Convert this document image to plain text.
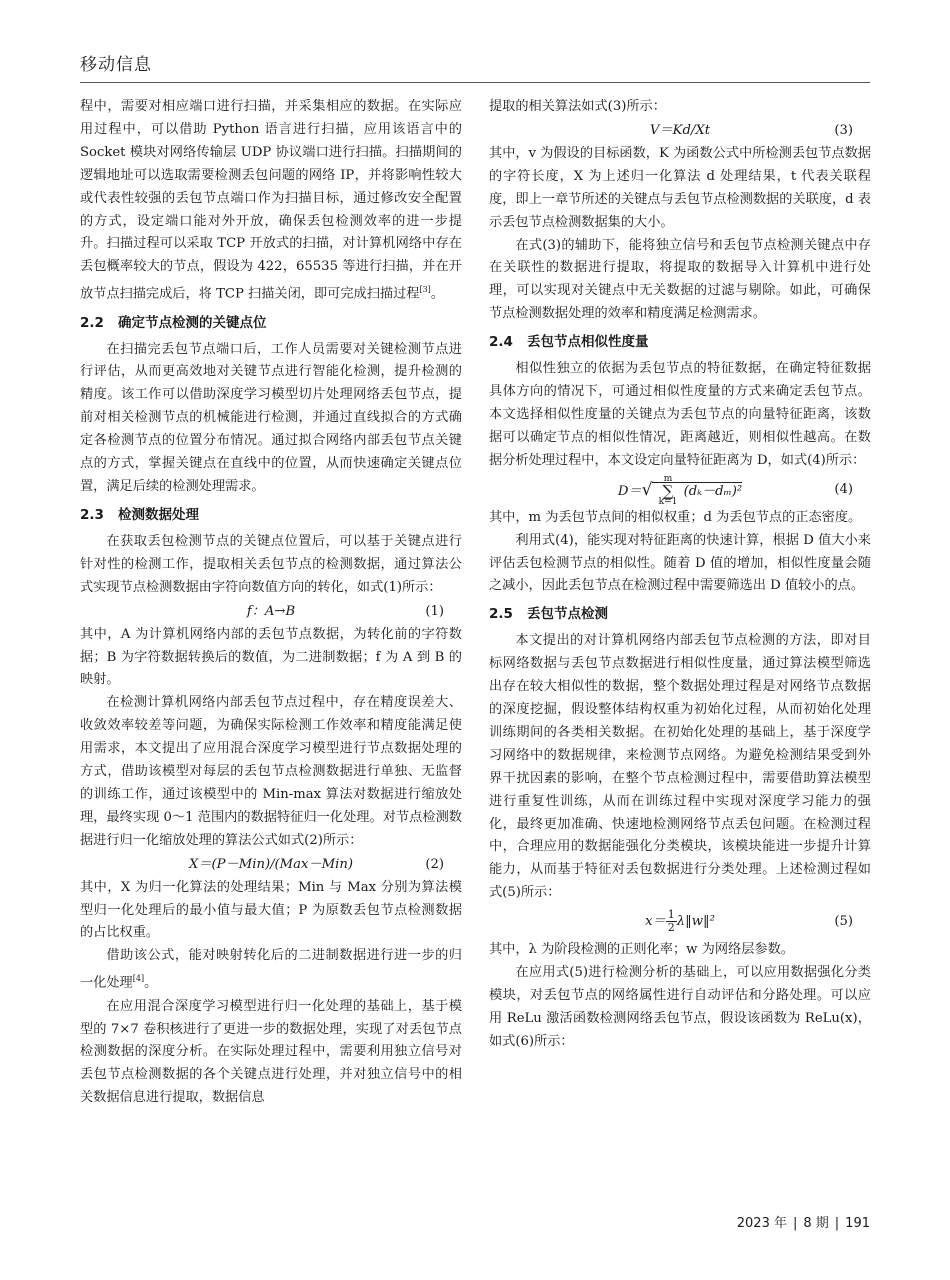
移动信息

程中，需要对相应端口进行扫描，并采集相应的数据。在实际应用过程中，可以借助 Python 语言进行扫描，应用该语言中的 Socket 模块对网络传输层 UDP 协议端口进行扫描。扫描期间的逻辑地址可以选取需要检测丢包问题的网络 IP，并将影响性较大或代表性较强的丢包节点端口作为扫描目标，通过修改安全配置的方式，设定端口能对外开放，确保丢包检测效率的进一步提升。扫描过程可以采取 TCP 开放式的扫描，对计算机网络中存在丢包概率较大的节点，假设为 422，65535 等进行扫描，并在开放节点扫描完成后，将 TCP 扫描关闭，即可完成扫描过程[3]。

2.2 确定节点检测的关键点位

在扫描完丢包节点端口后，工作人员需要对关键检测节点进行评估，从而更高效地对关键节点进行智能化检测，提升检测的精度。该工作可以借助深度学习模型切片处理网络丢包节点，提前对相关检测节点的机械能进行检测，并通过直线拟合的方式确定各检测节点的位置分布情况。通过拟合网络内部丢包节点关键点的方式，掌握关键点在直线中的位置，从而快速确定关键点位置，满足后续的检测处理需求。

2.3 检测数据处理

在获取丢包检测节点的关键点位置后，可以基于关键点进行针对性的检测工作，提取相关丢包节点的检测数据，通过算法公式实现节点检测数据由字符向数值方向的转化，如式(1)所示：

f：A→B	(1)

其中，A 为计算机网络内部的丢包节点数据，为转化前的字符数据；B 为字符数据转换后的数值，为二进制数据；f 为 A 到 B 的映射。

在检测计算机网络内部丢包节点过程中，存在精度误差大、收敛效率较差等问题，为确保实际检测工作效率和精度能满足使用需求，本文提出了应用混合深度学习模型进行节点数据处理的方式，借助该模型对每层的丢包节点检测数据进行单独、无监督的训练工作，通过该模型中的 Min-max 算法对数据进行缩放处理，最终实现 0～1 范围内的数据特征归一化处理。对节点检测数据进行归一化缩放处理的算法公式如式(2)所示：

X＝(P－Min)/(Max－Min)	(2)

其中，X 为归一化算法的处理结果；Min 与 Max 分别为算法模型归一化处理后的最小值与最大值；P 为原数丢包节点检测数据的占比权重。

借助该公式，能对映射转化后的二进制数据进行进一步的归一化处理[4]。

在应用混合深度学习模型进行归一化处理的基础上，基于模型的 7×7 卷积核进行了更进一步的数据处理，实现了对丢包节点检测数据的深度分析。在实际处理过程中，需要利用独立信号对丢包节点检测数据的各个关键点进行处理，并对独立信号中的相关数据信息进行提取，数据信息

提取的相关算法如式(3)所示：

V＝Kd/Xt	(3)

其中，v 为假设的目标函数，K 为函数公式中所检测丢包节点数据的字符长度，X 为上述归一化算法 d 处理结果，t 代表关联程度，即上一章节所述的关键点与丢包节点检测数据的关联度，d 表示丢包节点检测数据集的大小。

在式(3)的辅助下，能将独立信号和丢包节点检测关键点中存在关联性的数据进行提取，将提取的数据导入计算机中进行处理，可以实现对关键点中无关数据的过滤与剔除。如此，可确保节点检测数据处理的效率和精度满足检测需求。

2.4 丢包节点相似性度量

相似性独立的依据为丢包节点的特征数据，在确定特征数据具体方向的情况下，可通过相似性度量的方式来确定丢包节点。本文选择相似性度量的关键点为丢包节点的向量特征距离，该数据可以确定节点的相似性情况，距离越近，则相似性越高。在数据分析处理过程中，本文设定向量特征距离为 D，如式(4)所示：

D＝√
m
∑
k=1
(dₖ－dₘ)²	(4)

其中，m 为丢包节点间的相似权重；d 为丢包节点的正态密度。

利用式(4)，能实现对特征距离的快速计算，根据 D 值大小来评估丢包检测节点的相似性。随着 D 值的增加，相似性度量会随之减小，因此丢包节点在检测过程中需要筛选出 D 值较小的点。

2.5 丢包节点检测

本文提出的对计算机网络内部丢包节点检测的方法，即对目标网络数据与丢包节点数据进行相似性度量，通过算法模型筛选出存在较大相似性的数据，整个数据处理过程是对网络节点数据的深度挖掘，假设整体结构权重为初始化过程，从而初始化处理训练期间的各类相关数据。在初始化处理的基础上，基于深度学习网络中的数据规律，来检测节点网络。为避免检测结果受到外界干扰因素的影响，在整个节点检测过程中，需要借助算法模型进行重复性训练，从而在训练过程中实现对深度学习能力的强化，最终更加准确、快速地检测网络节点丢包问题。在检测过程中，合理应用的数据能强化分类模块，该模块能进一步提升计算能力，从而基于特征对丢包数据进行分类处理。上述检测过程如式(5)所示：

$x= \frac{1}{2}$ λ‖w‖²	(5)

其中，λ 为阶段检测的正则化率；w 为网络层参数。

在应用式(5)进行检测分析的基础上，可以应用数据强化分类模块，对丢包节点的网络属性进行自动评估和分路处理。可以应用 ReLu 激活函数检测网络丢包节点，假设该函数为 ReLu(x)，如式(6)所示：

2023 年 | 8 期 | 191
